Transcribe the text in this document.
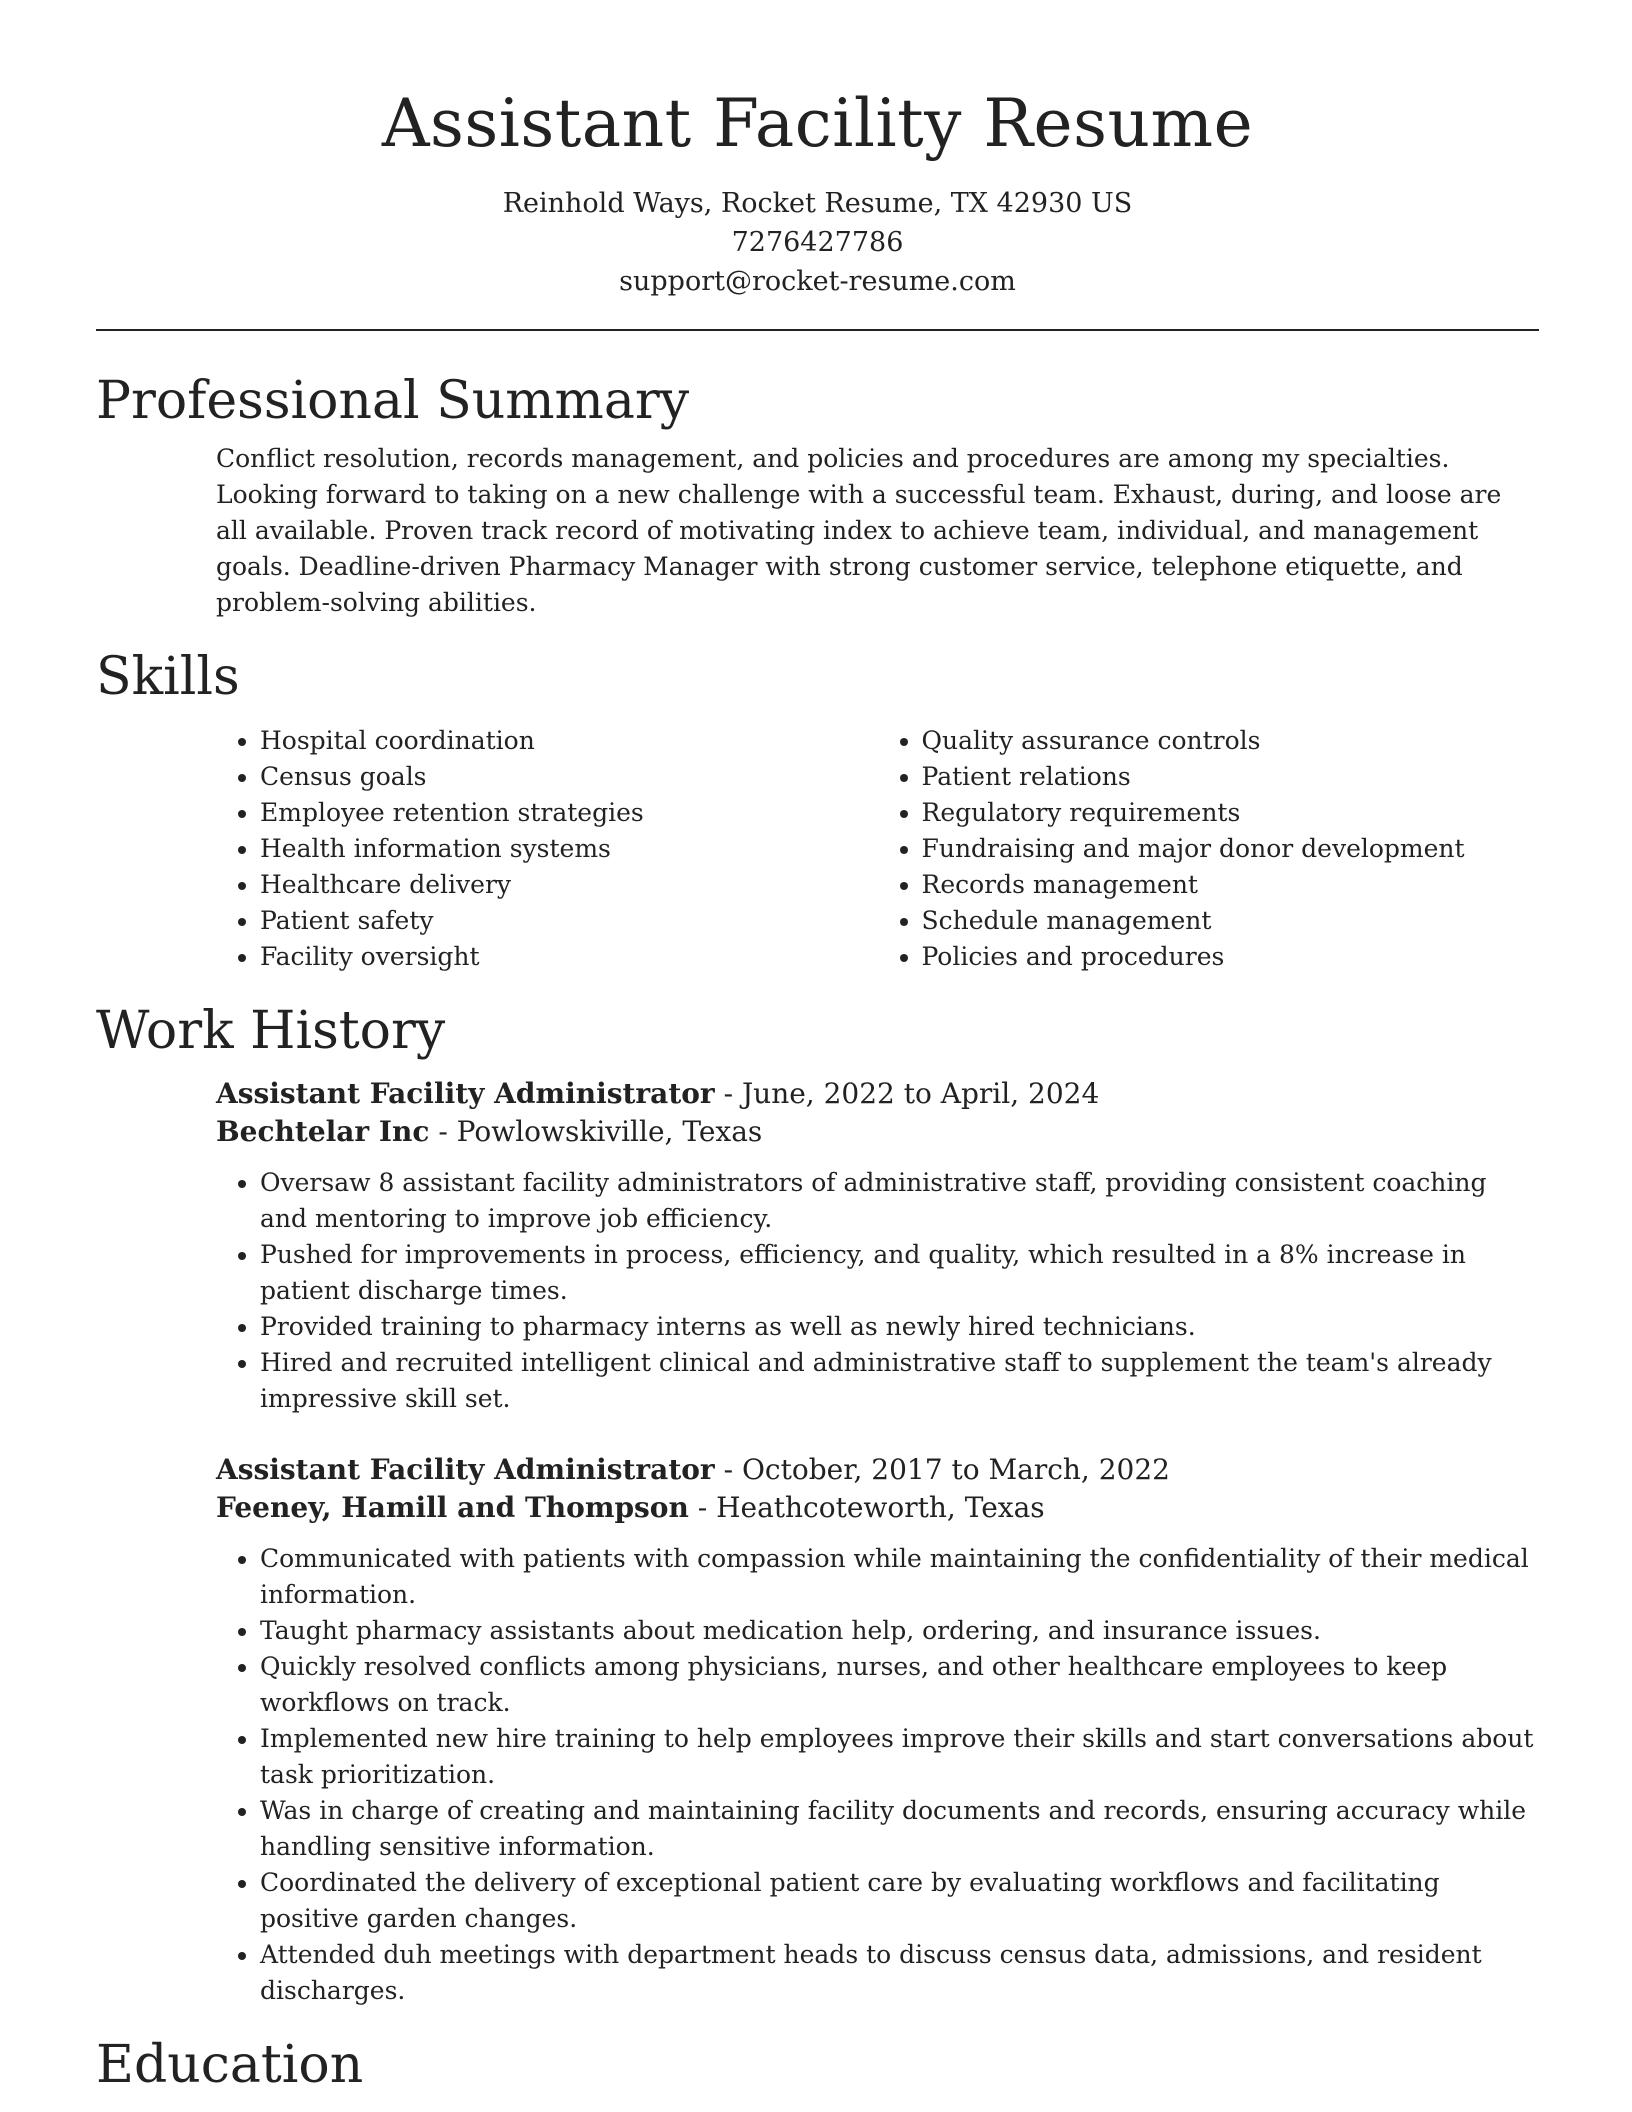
Assistant Facility Resume
Reinhold Ways, Rocket Resume, TX 42930 US
7276427786
support@rocket-resume.com
Professional Summary

Conflict resolution, records management, and policies and procedures are among my specialties. Looking forward to taking on a new challenge with a successful team. Exhaust, during, and loose are all available. Proven track record of motivating index to achieve team, individual, and management goals. Deadline-driven Pharmacy Manager with strong customer service, telephone etiquette, and problem-solving abilities.

Skills
• Hospital coordination
• Census goals
• Employee retention strategies
• Health information systems
• Healthcare delivery
• Patient safety
• Facility oversight
• Quality assurance controls
• Patient relations
• Regulatory requirements
• Fundraising and major donor development
• Records management
• Schedule management
• Policies and procedures
Work History
Assistant Facility Administrator - June, 2022 to April, 2024
Bechtelar Inc - Powlowskiville, Texas
• Oversaw 8 assistant facility administrators of administrative staff, providing consistent coaching and mentoring to improve job efficiency.
• Pushed for improvements in process, efficiency, and quality, which resulted in a 8% increase in patient discharge times.
• Provided training to pharmacy interns as well as newly hired technicians.
• Hired and recruited intelligent clinical and administrative staff to supplement the team's already impressive skill set.
Assistant Facility Administrator - October, 2017 to March, 2022
Feeney, Hamill and Thompson - Heathcoteworth, Texas
• Communicated with patients with compassion while maintaining the confidentiality of their medical information.
• Taught pharmacy assistants about medication help, ordering, and insurance issues.
• Quickly resolved conflicts among physicians, nurses, and other healthcare employees to keep workflows on track.
• Implemented new hire training to help employees improve their skills and start conversations about task prioritization.
• Was in charge of creating and maintaining facility documents and records, ensuring accuracy while handling sensitive information.
• Coordinated the delivery of exceptional patient care by evaluating workflows and facilitating positive garden changes.
• Attended duh meetings with department heads to discuss census data, admissions, and resident discharges.
Education
